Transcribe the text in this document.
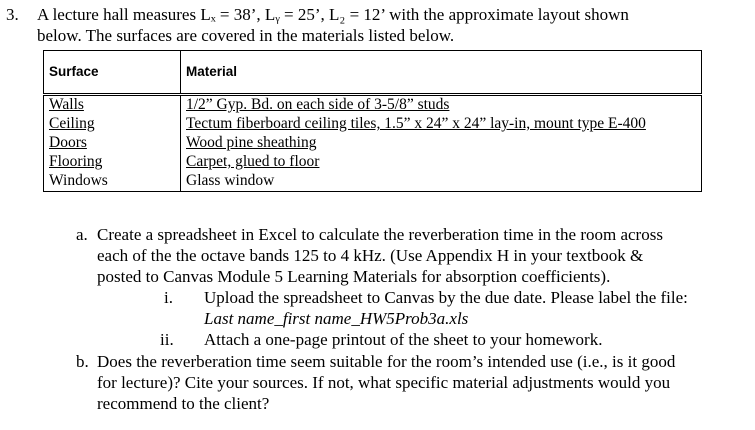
3. A lecture hall measures Lₓ = 38’, Lᵧ = 25’, L₂ = 12’ with the approximate layout shown
below. The surfaces are covered in the materials listed below.
Surface	Material
Walls	1/2” Gyp. Bd. on each side of 3-5/8” studs
Ceiling	Tectum fiberboard ceiling tiles, 1.5” x 24” x 24” lay-in, mount type E-400
Doors	Wood pine sheathing
Flooring	Carpet, glued to floor
Windows	Glass window
a. Create a spreadsheet in Excel to calculate the reverberation time in the room across
each of the the octave bands 125 to 4 kHz. (Use Appendix H in your textbook &
posted to Canvas Module 5 Learning Materials for absorption coefficients).
i. Upload the spreadsheet to Canvas by the due date. Please label the file:
Last name_first name_HW5Prob3a.xls
ii. Attach a one-page printout of the sheet to your homework.
b. Does the reverberation time seem suitable for the room’s intended use (i.e., is it good
for lecture)? Cite your sources. If not, what specific material adjustments would you
recommend to the client?
